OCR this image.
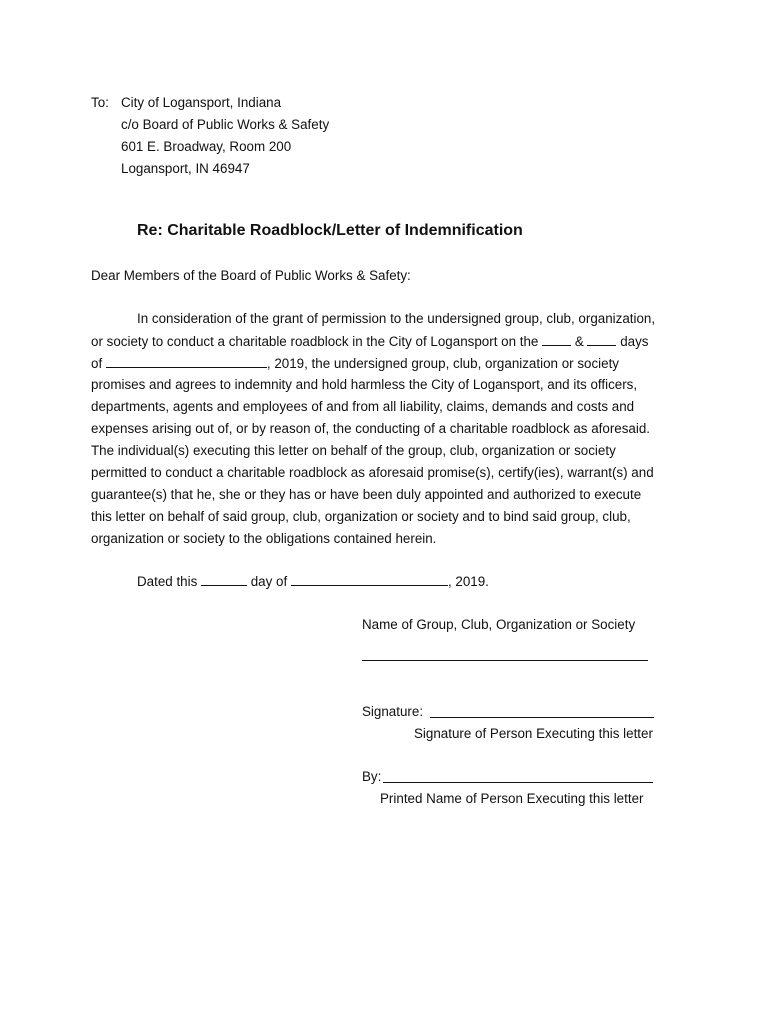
To: City of Logansport, Indiana
c/o Board of Public Works & Safety
601 E. Broadway, Room 200
Logansport, IN 46947
Re: Charitable Roadblock/Letter of Indemnification
Dear Members of the Board of Public Works & Safety:
In consideration of the grant of permission to the undersigned group, club, organization,
or society to conduct a charitable roadblock in the City of Logansport on the  &  days
of	, 2019, the undersigned group, club, organization or society
promises and agrees to indemnity and hold harmless the City of Logansport, and its officers,
departments, agents and employees of and from all liability, claims, demands and costs and
expenses arising out of, or by reason of, the conducting of a charitable roadblock as aforesaid.
The individual(s) executing this letter on behalf of the group, club, organization or society
permitted to conduct a charitable roadblock as aforesaid promise(s), certify(ies), warrant(s) and
guarantee(s) that he, she or they has or have been duly appointed and authorized to execute
this letter on behalf of said group, club, organization or society and to bind said group, club,
organization or society to the obligations contained herein.
Dated this	day of	, 2019.
Name of Group, Club, Organization or Society
Signature:
Signature of Person Executing this letter
By:
Printed Name of Person Executing this letter
